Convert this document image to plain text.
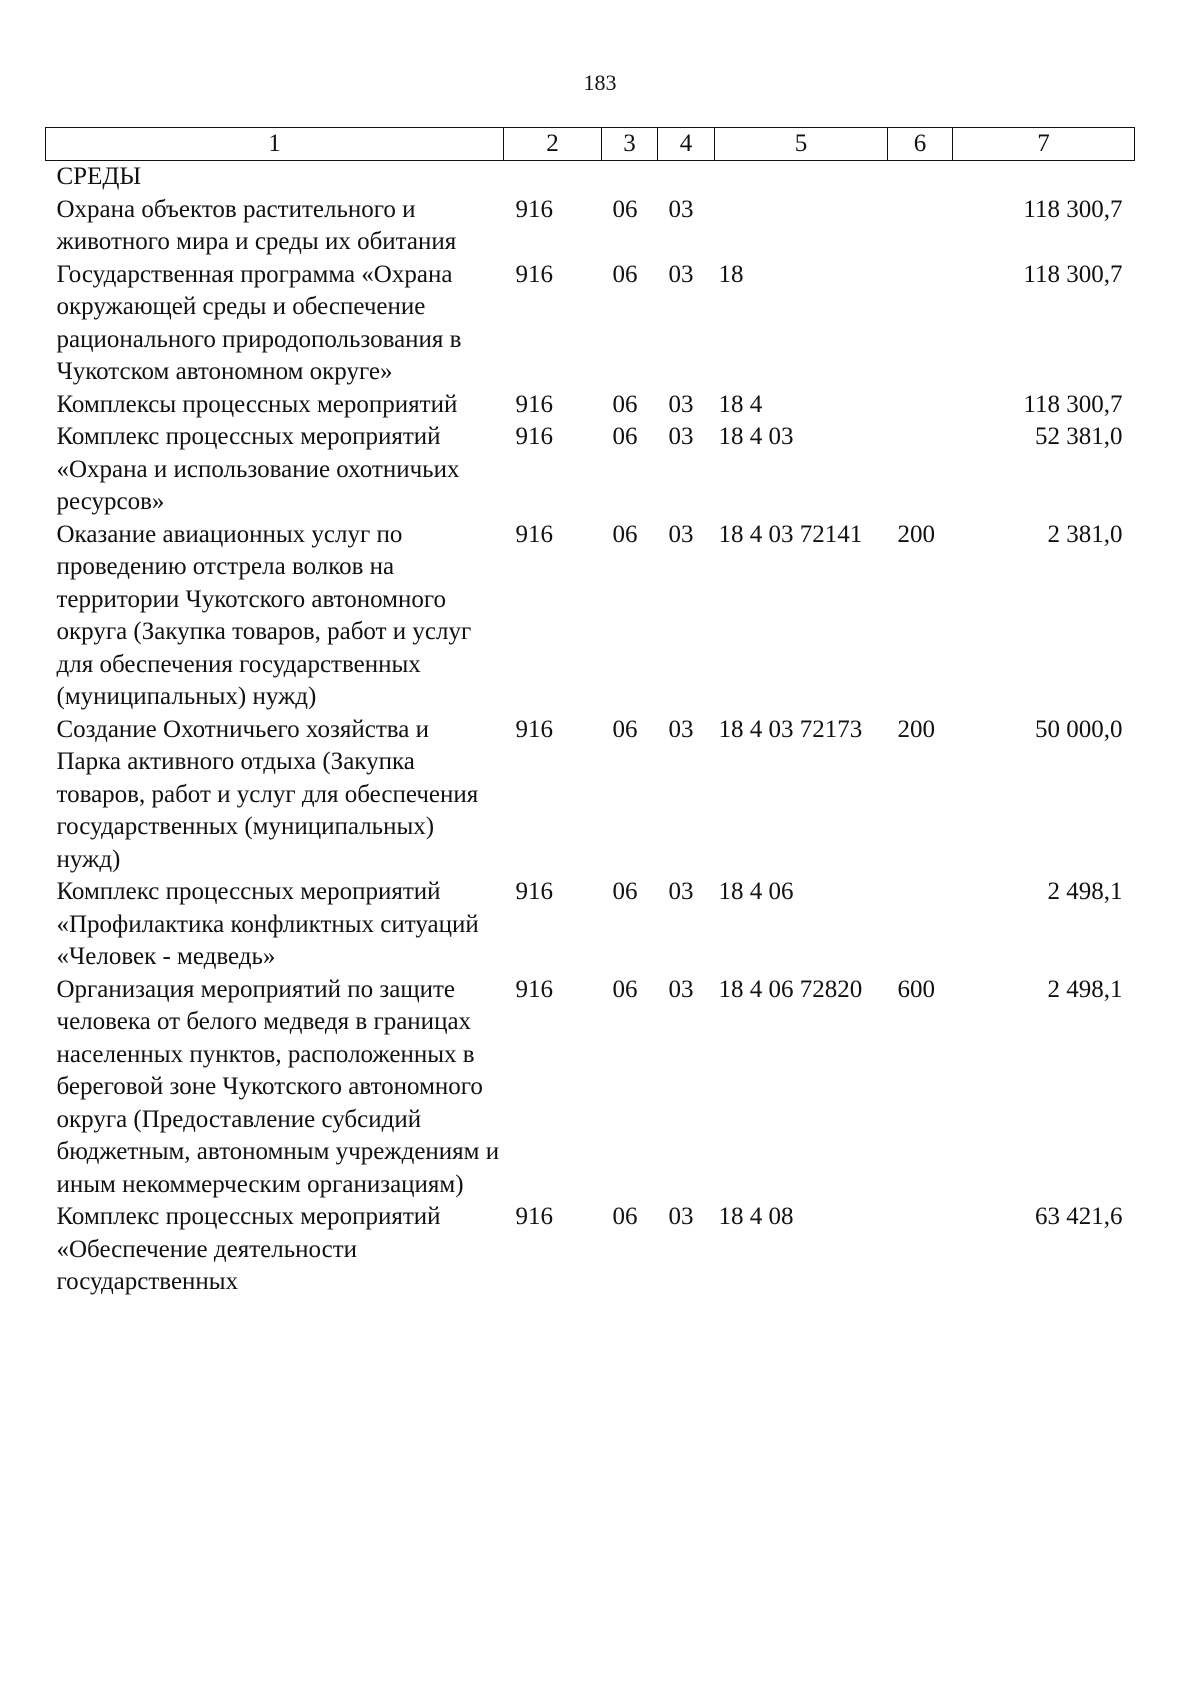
183
1	2	3	4	5	6	7
СРЕДЫ						
Охрана объектов растительного и животного мира и среды их обитания	916	06	03			118 300,7
Государственная программа «Охрана окружающей среды и обеспечение рационального природопользования в Чукотском автономном округе»	916	06	03	18		118 300,7
Комплексы процессных мероприятий	916	06	03	18 4		118 300,7
Комплекс процессных мероприятий «Охрана и использование охотничьих ресурсов»	916	06	03	18 4 03		52 381,0
Оказание авиационных услуг по проведению отстрела волков на территории Чукотского автономного округа (Закупка товаров, работ и услуг для обеспечения государственных (муниципальных) нужд)	916	06	03	18 4 03 72141	200	2 381,0
Создание Охотничьего хозяйства и Парка активного отдыха (Закупка товаров, работ и услуг для обеспечения государственных (муниципальных) нужд)	916	06	03	18 4 03 72173	200	50 000,0
Комплекс процессных мероприятий «Профилактика конфликтных ситуаций «Человек - медведь»	916	06	03	18 4 06		2 498,1
Организация мероприятий по защите человека от белого медведя в границах населенных пунктов, расположенных в береговой зоне Чукотского автономного округа (Предоставление субсидий бюджетным, автономным учреждениям и иным некоммерческим организациям)	916	06	03	18 4 06 72820	600	2 498,1
Комплекс процессных мероприятий «Обеспечение деятельности государственных	916	06	03	18 4 08		63 421,6
